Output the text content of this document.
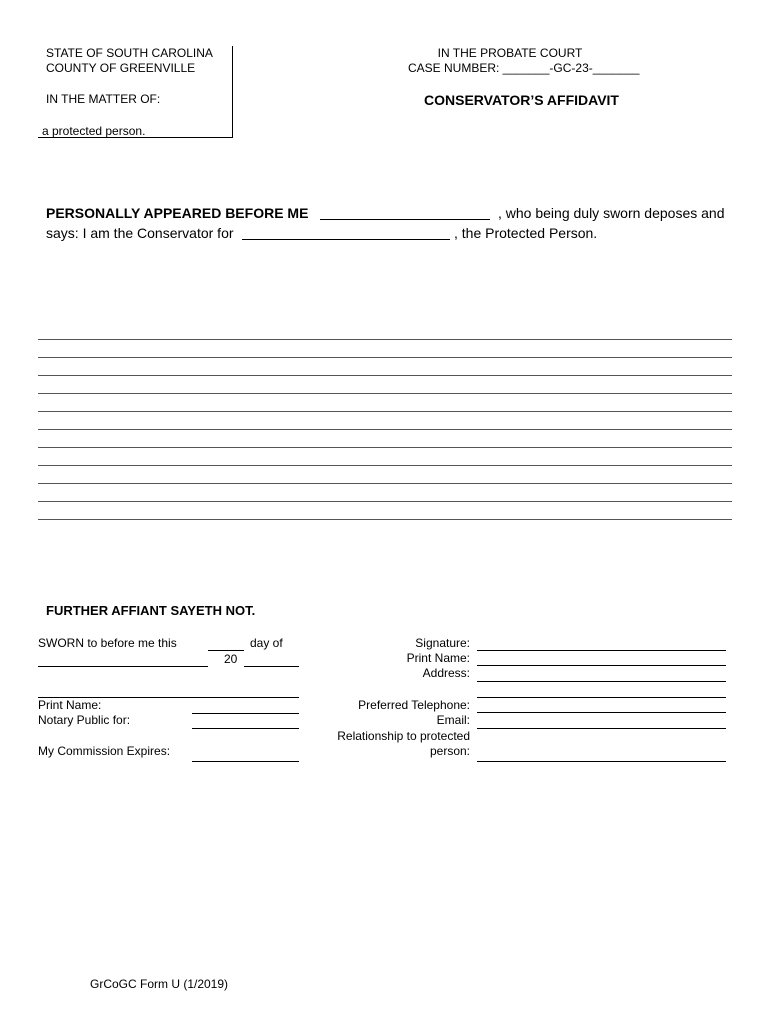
STATE OF SOUTH CAROLINA
COUNTY OF GREENVILLE
IN THE MATTER OF:
a protected person.
IN THE PROBATE COURT
CASE NUMBER: _______-GC-23-_______
CONSERVATOR’S AFFIDAVIT
PERSONALLY APPEARED BEFORE ME	, who being duly sworn deposes and
says: I am the Conservator for	, the Protected Person.
FURTHER AFFIANT SAYETH NOT.
SWORN to before me this	day of
20
Print Name:
Notary Public for:
My Commission Expires:
Signature:
Print Name:
Address:
Preferred Telephone:
Email:
Relationship to protected
person:
GrCoGC Form U (1/2019)
